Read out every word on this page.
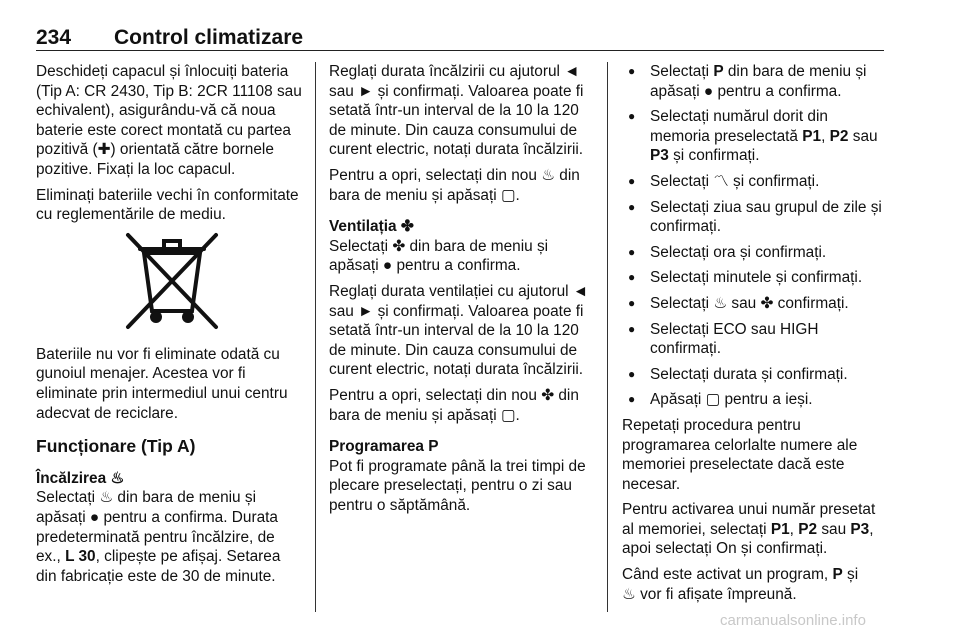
234 Control climatizare

Deschideți capacul și înlocuiți bateria (Tip A: CR 2430, Tip B: 2CR 11108 sau echivalent), asigurându-vă că noua baterie este corect montată cu partea pozitivă (✚) orientată către bornele pozitive. Fixați la loc capacul.

Eliminați bateriile vechi în conformitate cu reglementările de mediu.

Bateriile nu vor fi eliminate odată cu gunoiul menajer. Acestea vor fi eliminate prin intermediul unui centru adecvat de reciclare.

Funcționare (Tip A)
Încălzirea ♨

Selectați ♨ din bara de meniu și apăsați ● pentru a confirma. Durata predeterminată pentru încălzire, de ex., L 30, clipește pe afișaj. Setarea din fabricație este de 30 de minute.

Reglați durata încălzirii cu ajutorul ◄ sau ► și confirmați. Valoarea poate fi setată într-un interval de la 10 la 120 de minute. Din cauza consumului de curent electric, notați durata încălzirii.

Pentru a opri, selectați din nou ♨ din bara de meniu și apăsați ▢.

Ventilația ✤

Selectați ✤ din bara de meniu și apăsați ● pentru a confirma.

Reglați durata ventilației cu ajutorul ◄ sau ► și confirmați. Valoarea poate fi setată într-un interval de la 10 la 120 de minute. Din cauza consumului de curent electric, notați durata încălzirii.

Pentru a opri, selectați din nou ✤ din bara de meniu și apăsați ▢.

Programarea P

Pot fi programate până la trei timpi de plecare preselectați, pentru o zi sau pentru o săptămână.

● Selectați P din bara de meniu și apăsați ● pentru a confirma.
● Selectați numărul dorit din memoria preselectată P1, P2 sau P3 și confirmați.
● Selectați 〽 și confirmați.
● Selectați ziua sau grupul de zile și confirmați.
● Selectați ora și confirmați.
● Selectați minutele și confirmați.
● Selectați ♨ sau ✤ confirmați.
● Selectați ECO sau HIGH confirmați.
● Selectați durata și confirmați.
● Apăsați ▢ pentru a ieși.

Repetați procedura pentru programarea celorlalte numere ale memoriei preselectate dacă este necesar.

Pentru activarea unui număr presetat al memoriei, selectați P1, P2 sau P3, apoi selectați On și confirmați.

Când este activat un program, P și
♨ vor fi afișate împreună.

carmanualsonline.info
